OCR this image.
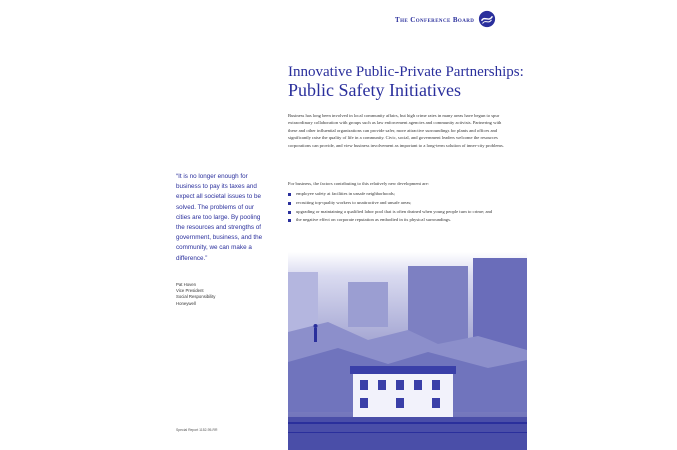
The Conference Board
Innovative Public-Private Partnerships:
Public Safety Initiatives
Business has long been involved in local community affairs, but high crime rates in many areas have begun to spur extraordinary collaboration with groups such as law enforcement agencies and community activists. Partnering with these and other influential organizations can provide safer, more attractive surroundings for plants and offices and significantly raise the quality of life in a community. Civic, social, and government leaders welcome the resources corporations can provide, and view business involvement as important to a long-term solution of inner-city problems.
For business, the factors contributing to this relatively new development are:
employee safety at facilities in unsafe neighborhoods;
recruiting top-quality workers to unattractive and unsafe areas;
upgrading or maintaining a qualified labor pool that is often drained when young people turn to crime; and
the negative effect on corporate reputation as embodied in its physical surroundings.
“It is no longer enough for business to pay its taxes and expect all societal issues to be solved. The problems of our cities are too large. By pooling the resources and strengths of government, business, and the community, we can make a difference.”
Pat Hoven
Vice President
Social Responsibility
Honeywell
Special Report 1152-95-RR
